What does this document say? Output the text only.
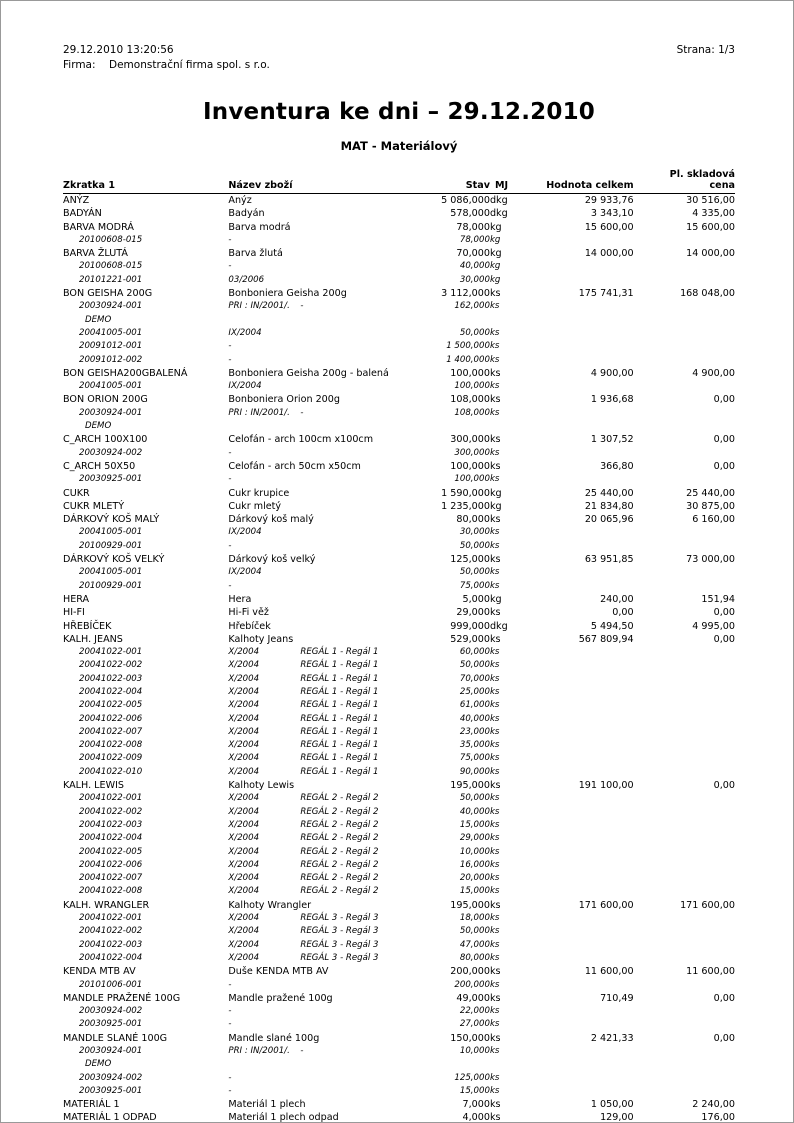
29.12.2010 13:20:56	Strana: 1/3
Firma:	Demonstrační firma spol. s r.o.
Inventura ke dni – 29.12.2010
MAT - Materiálový
Zkratka 1	Název zboží	Stav	MJ	Hodnota celkem	Pl. skladová
cena
ANÝZ	Anýz	5 086,000	dkg	29 933,76	30 516,00
BADYÁN	Badyán	578,000	dkg	3 343,10	4 335,00
BARVA MODRÁ	Barva modrá	78,000	kg	15 600,00	15 600,00
20100608-015	-	78,000	kg		
BARVA ŽLUTÁ	Barva žlutá	70,000	kg	14 000,00	14 000,00
20100608-015	-	40,000	kg		
20101221-001	03/2006	30,000	kg		
BON GEISHA 200G	Bonboniera Geisha 200g	3 112,000	ks	175 741,31	168 048,00
20030924-001	PRI : IN/2001/. -	162,000	ks		
DEMO	

20041005-001	IX/2004	50,000	ks		
20091012-001	-	1 500,000	ks		
20091012-002	-	1 400,000	ks		
BON GEISHA200GBALENÁ	Bonboniera Geisha 200g - balená	100,000	ks	4 900,00	4 900,00
20041005-001	IX/2004	100,000	ks		
BON ORION 200G	Bonboniera Orion 200g	108,000	ks	1 936,68	0,00
20030924-001	PRI : IN/2001/. -	108,000	ks		
DEMO	

C_ARCH 100X100	Celofán - arch 100cm x100cm	300,000	ks	1 307,52	0,00
20030924-002	-	300,000	ks		
C_ARCH 50X50	Celofán - arch 50cm x50cm	100,000	ks	366,80	0,00
20030925-001	-	100,000	ks		
CUKR	Cukr krupice	1 590,000	kg	25 440,00	25 440,00
CUKR MLETÝ	Cukr mletý	1 235,000	kg	21 834,80	30 875,00
DÁRKOVÝ KOŠ MALÝ	Dárkový koš malý	80,000	ks	20 065,96	6 160,00
20041005-001	IX/2004	30,000	ks		
20100929-001	-	50,000	ks		
DÁRKOVÝ KOŠ VELKÝ	Dárkový koš velký	125,000	ks	63 951,85	73 000,00
20041005-001	IX/2004	50,000	ks		
20100929-001	-	75,000	ks		
HERA	Hera	5,000	kg	240,00	151,94
HI-FI	Hi-Fi věž	29,000	ks	0,00	0,00
HŘEBÍČEK	Hřebíček	999,000	dkg	5 494,50	4 995,00
KALH. JEANS	Kalhoty Jeans	529,000	ks	567 809,94	0,00
20041022-001	X/2004 REGÁL 1 - Regál 1	60,000	ks		
20041022-002	X/2004 REGÁL 1 - Regál 1	50,000	ks		
20041022-003	X/2004 REGÁL 1 - Regál 1	70,000	ks		
20041022-004	X/2004 REGÁL 1 - Regál 1	25,000	ks		
20041022-005	X/2004 REGÁL 1 - Regál 1	61,000	ks		
20041022-006	X/2004 REGÁL 1 - Regál 1	40,000	ks		
20041022-007	X/2004 REGÁL 1 - Regál 1	23,000	ks		
20041022-008	X/2004 REGÁL 1 - Regál 1	35,000	ks		
20041022-009	X/2004 REGÁL 1 - Regál 1	75,000	ks		
20041022-010	X/2004 REGÁL 1 - Regál 1	90,000	ks		
KALH. LEWIS	Kalhoty Lewis	195,000	ks	191 100,00	0,00
20041022-001	X/2004 REGÁL 2 - Regál 2	50,000	ks		
20041022-002	X/2004 REGÁL 2 - Regál 2	40,000	ks		
20041022-003	X/2004 REGÁL 2 - Regál 2	15,000	ks		
20041022-004	X/2004 REGÁL 2 - Regál 2	29,000	ks		
20041022-005	X/2004 REGÁL 2 - Regál 2	10,000	ks		
20041022-006	X/2004 REGÁL 2 - Regál 2	16,000	ks		
20041022-007	X/2004 REGÁL 2 - Regál 2	20,000	ks		
20041022-008	X/2004 REGÁL 2 - Regál 2	15,000	ks		
KALH. WRANGLER	Kalhoty Wrangler	195,000	ks	171 600,00	171 600,00
20041022-001	X/2004 REGÁL 3 - Regál 3	18,000	ks		
20041022-002	X/2004 REGÁL 3 - Regál 3	50,000	ks		
20041022-003	X/2004 REGÁL 3 - Regál 3	47,000	ks		
20041022-004	X/2004 REGÁL 3 - Regál 3	80,000	ks		
KENDA MTB AV	Duše KENDA MTB AV	200,000	ks	11 600,00	11 600,00
20101006-001	-	200,000	ks		
MANDLE PRAŽENÉ 100G	Mandle pražené 100g	49,000	ks	710,49	0,00
20030924-002	-	22,000	ks		
20030925-001	-	27,000	ks		
MANDLE SLANÉ 100G	Mandle slané 100g	150,000	ks	2 421,33	0,00
20030924-001	PRI : IN/2001/. -	10,000	ks		
DEMO	

20030924-002	-	125,000	ks		
20030925-001	-	15,000	ks		
MATERIÁL 1	Materiál 1 plech	7,000	ks	1 050,00	2 240,00
MATERIÁL 1 ODPAD	Materiál 1 plech odpad	4,000	ks	129,00	176,00
